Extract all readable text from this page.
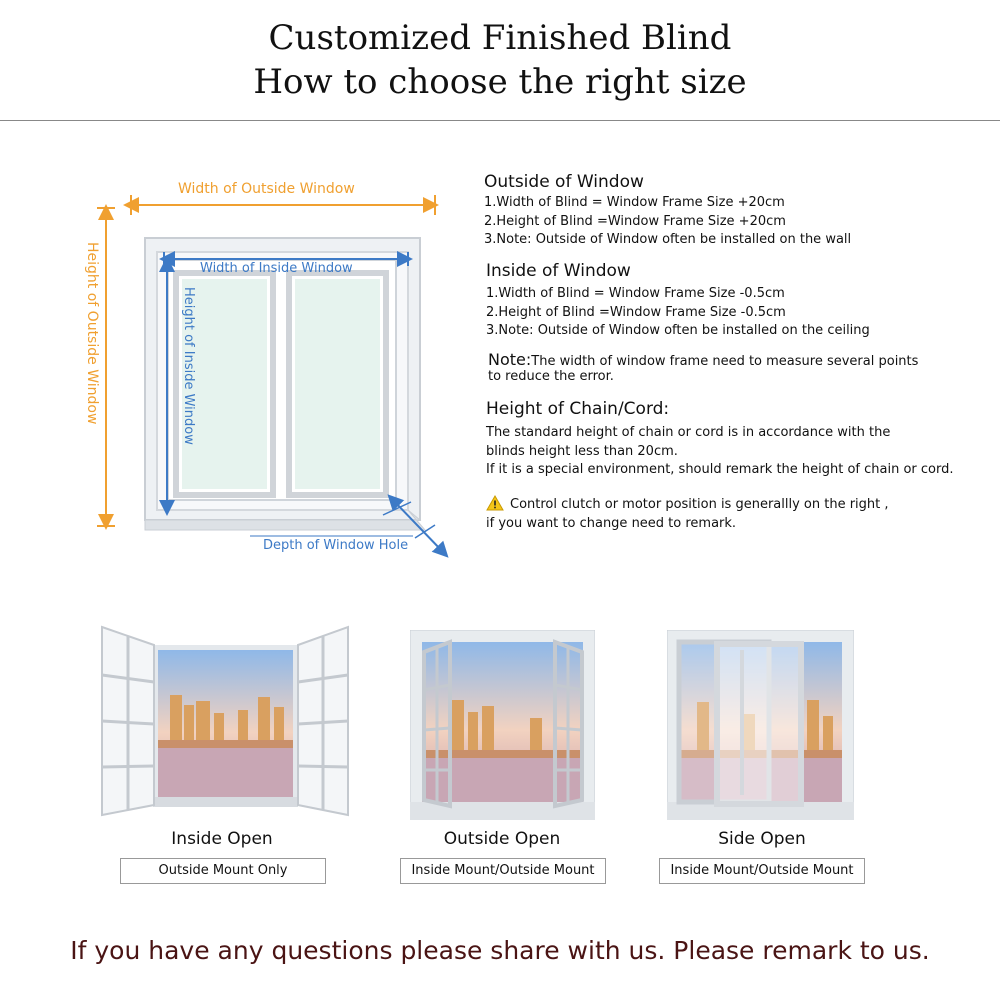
Customized Finished Blind
How to choose the right size
Width of Outside Window
Height of Outside Window	Width of Inside Window
Height of Inside Window
Depth of Window Hole
Outside of Window
1.Width of Blind = Window Frame Size +20cm
2.Height of Blind =Window Frame Size +20cm
3.Note: Outside of Window often be installed on the wall
Inside of Window
1.Width of Blind = Window Frame Size -0.5cm
2.Height of Blind =Window Frame Size -0.5cm
3.Note: Outside of Window often be installed on the ceiling
Note:The width of window frame need to measure several points
to reduce the error.
Height of Chain/Cord:
The standard height of chain or cord is in accordance with the
blinds height less than 20cm.
If it is a special environment, should remark the height of chain or cord.
Control clutch or motor position is generallly on the right ,
if you want to change need to remark.
Inside Open
Outside Mount Only
Outside Open
Inside Mount/Outside Mount
Side Open
Inside Mount/Outside Mount
If you have any questions please share with us. Please remark to us.
